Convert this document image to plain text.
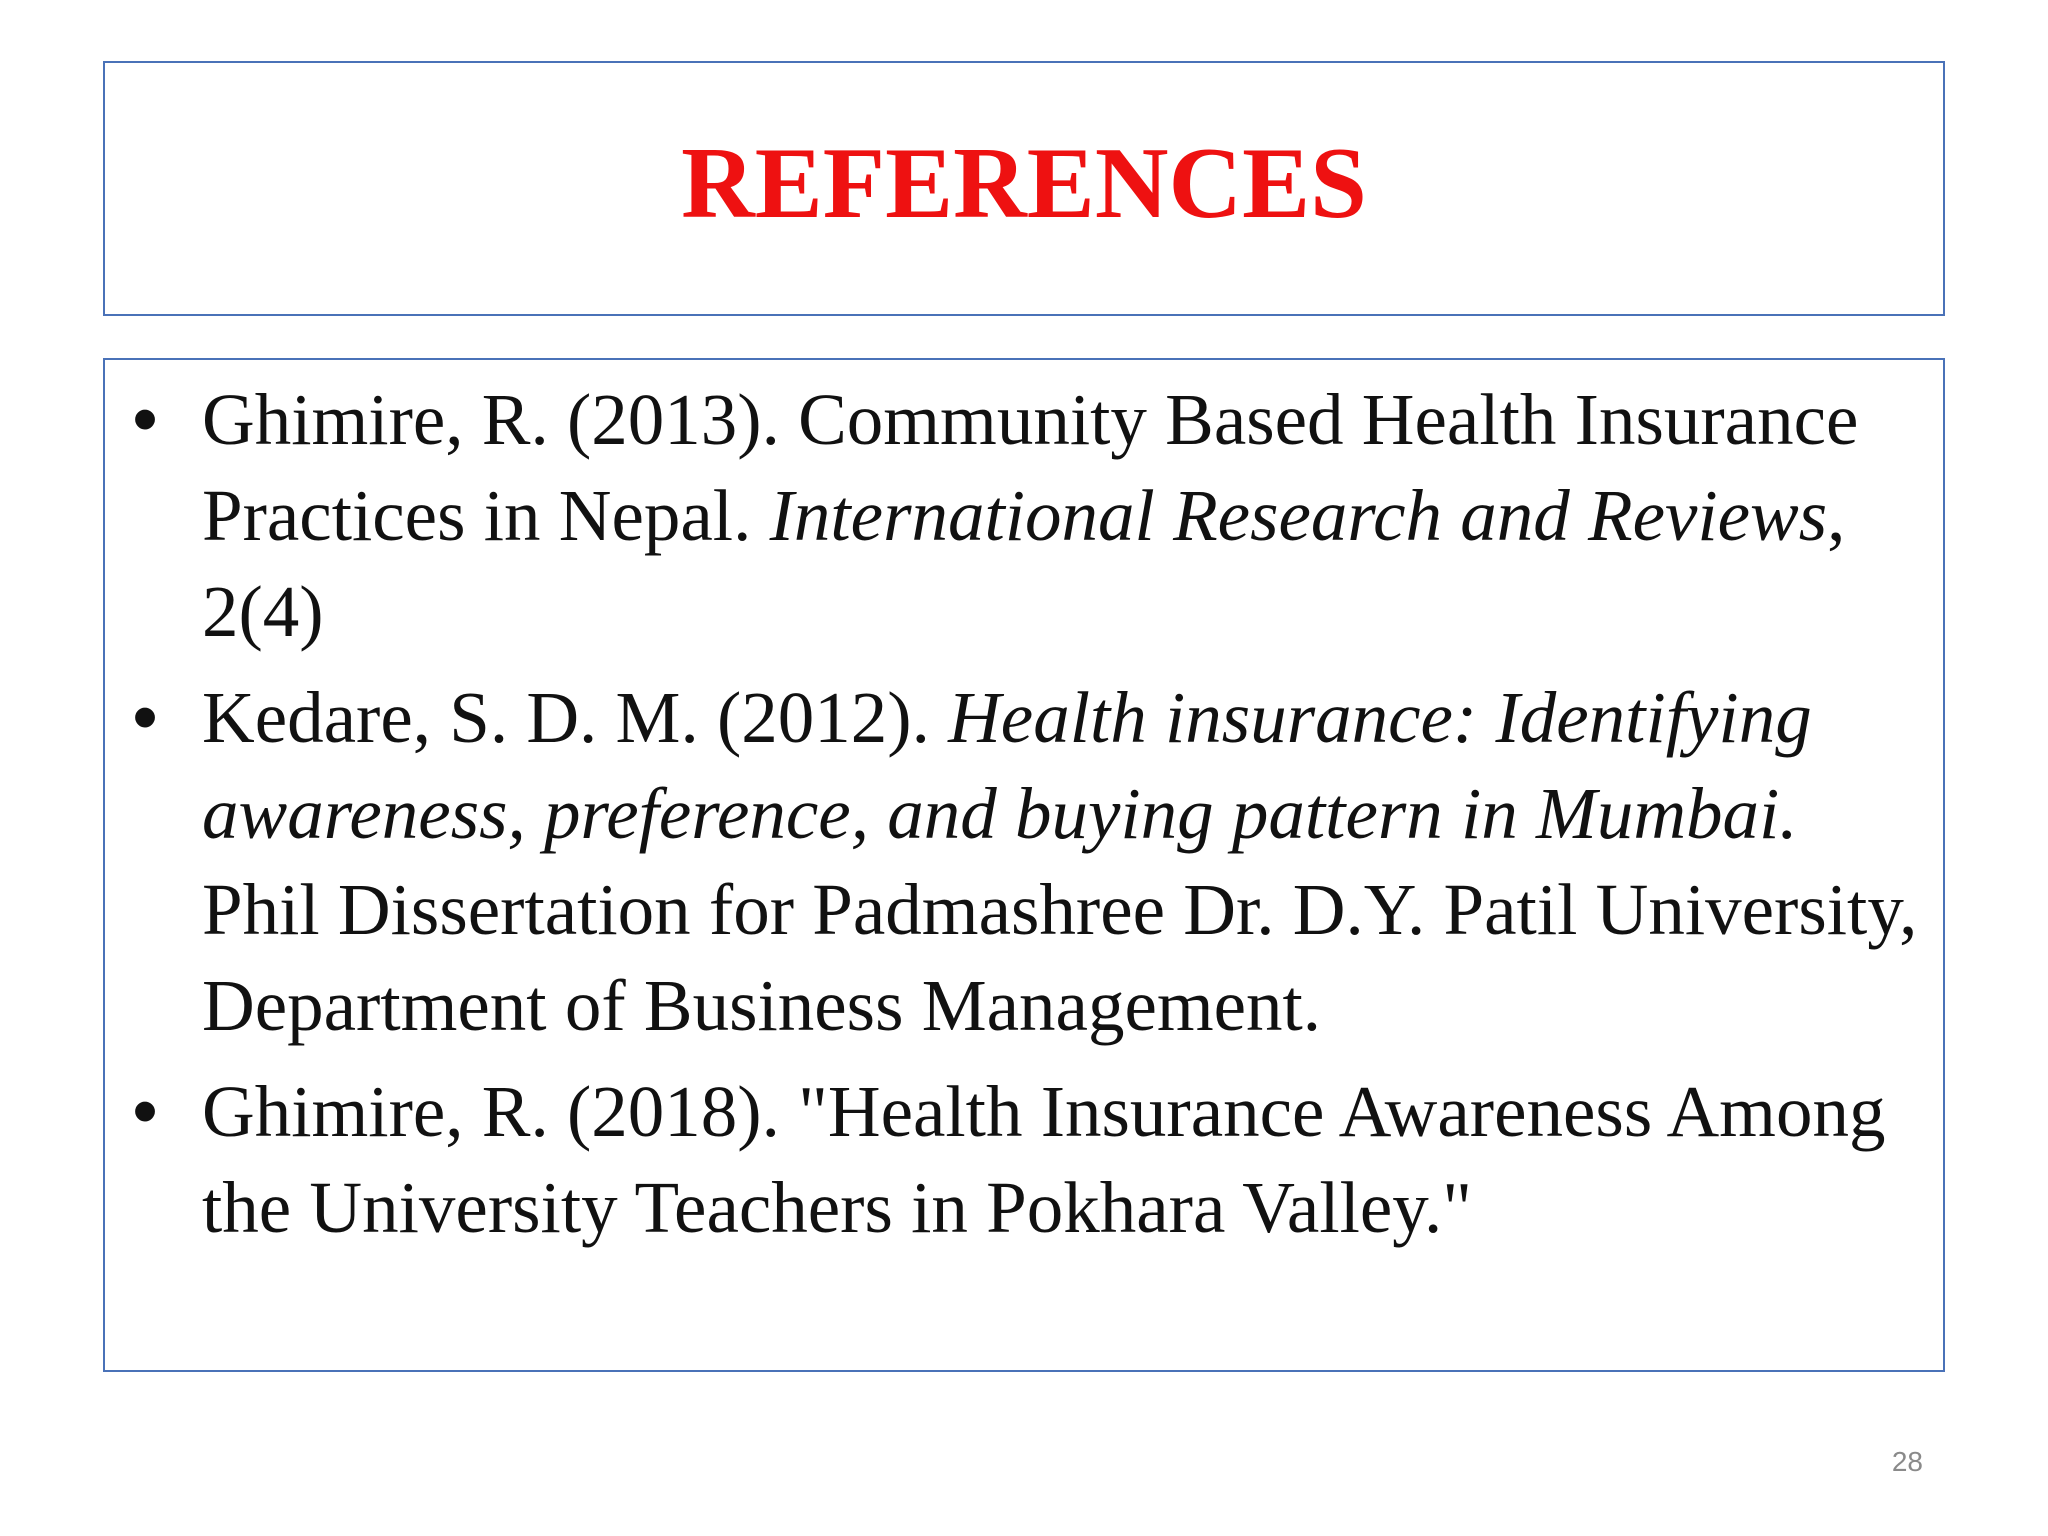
REFERENCES
• Ghimire, R. (2013). Community Based Health Insurance Practices in Nepal. International Research and Reviews, 2(4)
• Kedare, S. D. M. (2012). Health insurance: Identifying awareness, preference, and buying pattern in Mumbai. Phil Dissertation for Padmashree Dr. D.Y. Patil University, Department of Business Management.
• Ghimire, R. (2018). "Health Insurance Awareness Among the University Teachers in Pokhara Valley."
28
